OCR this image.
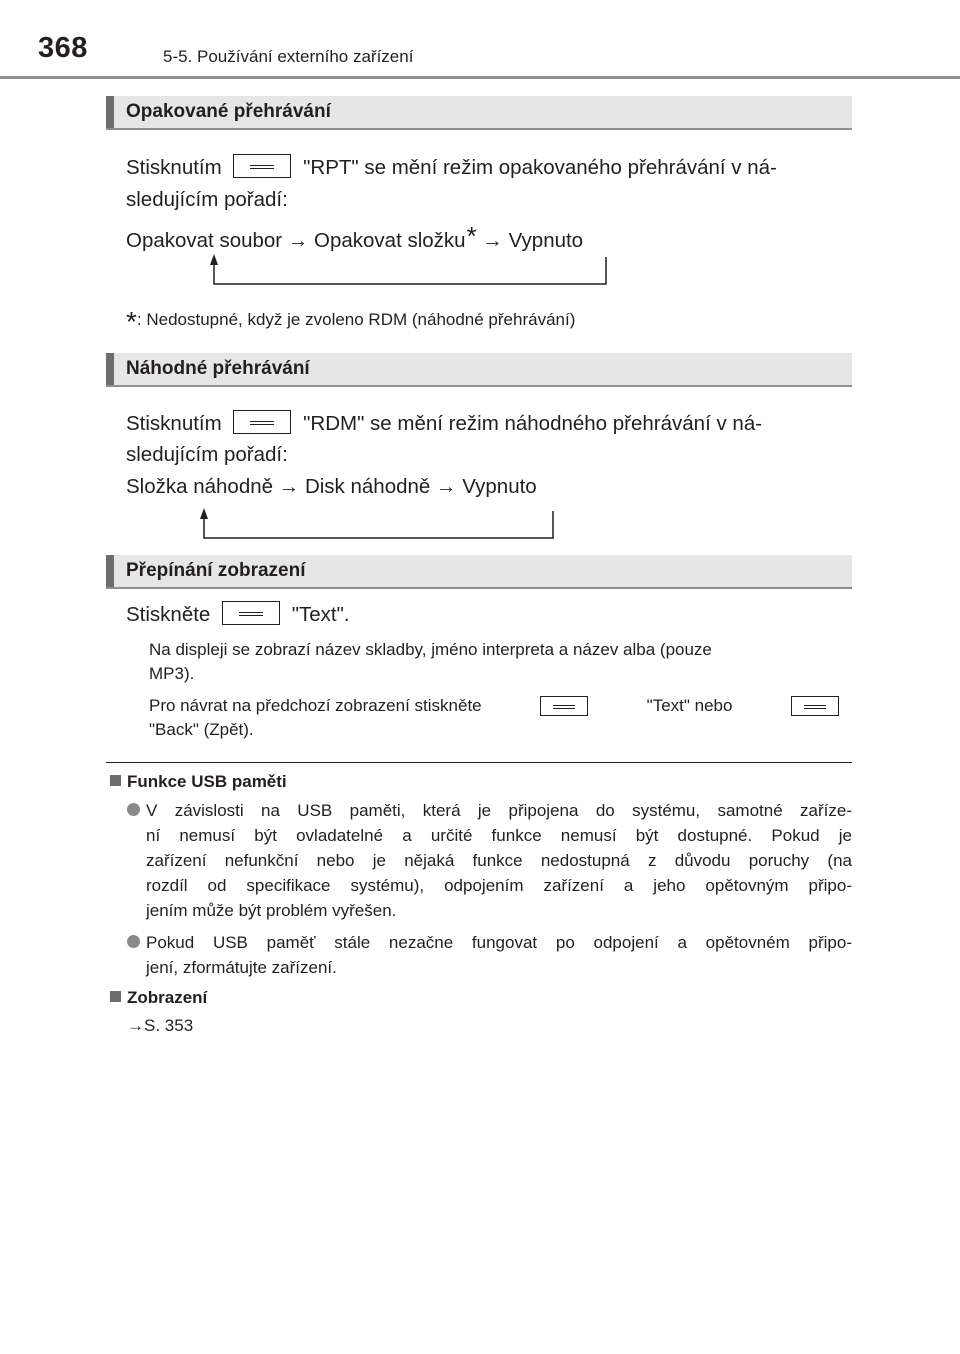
368	5-5. Používání externího zařízení
Opakované přehrávání
Stisknutím	"RPT" se mění režim opakovaného přehrávání v ná-
sledujícím pořadí:
Opakovat soubor → Opakovat složku* → Vypnuto
*: Nedostupné, když je zvoleno RDM (náhodné přehrávání)
Náhodné přehrávání
Stisknutím	"RDM" se mění režim náhodného přehrávání v ná-
sledujícím pořadí:
Složka náhodně → Disk náhodně → Vypnuto
Přepínání zobrazení
Stiskněte	"Text".
Na displeji se zobrazí název skladby, jméno interpreta a název alba (pouze
MP3).
Pro návrat na předchozí zobrazení stiskněte	"Text" nebo
"Back" (Zpět).
Funkce USB paměti
V závislosti na USB paměti, která je připojena do systému, samotné zaříze-
ní nemusí být ovladatelné a určité funkce nemusí být dostupné. Pokud je
zařízení nefunkční nebo je nějaká funkce nedostupná z důvodu poruchy (na
rozdíl od specifikace systému), odpojením zařízení a jeho opětovným připo-
jením může být problém vyřešen.
Pokud USB paměť stále nezačne fungovat po odpojení a opětovném připo-
jení, zformátujte zařízení.
Zobrazení
→S. 353
